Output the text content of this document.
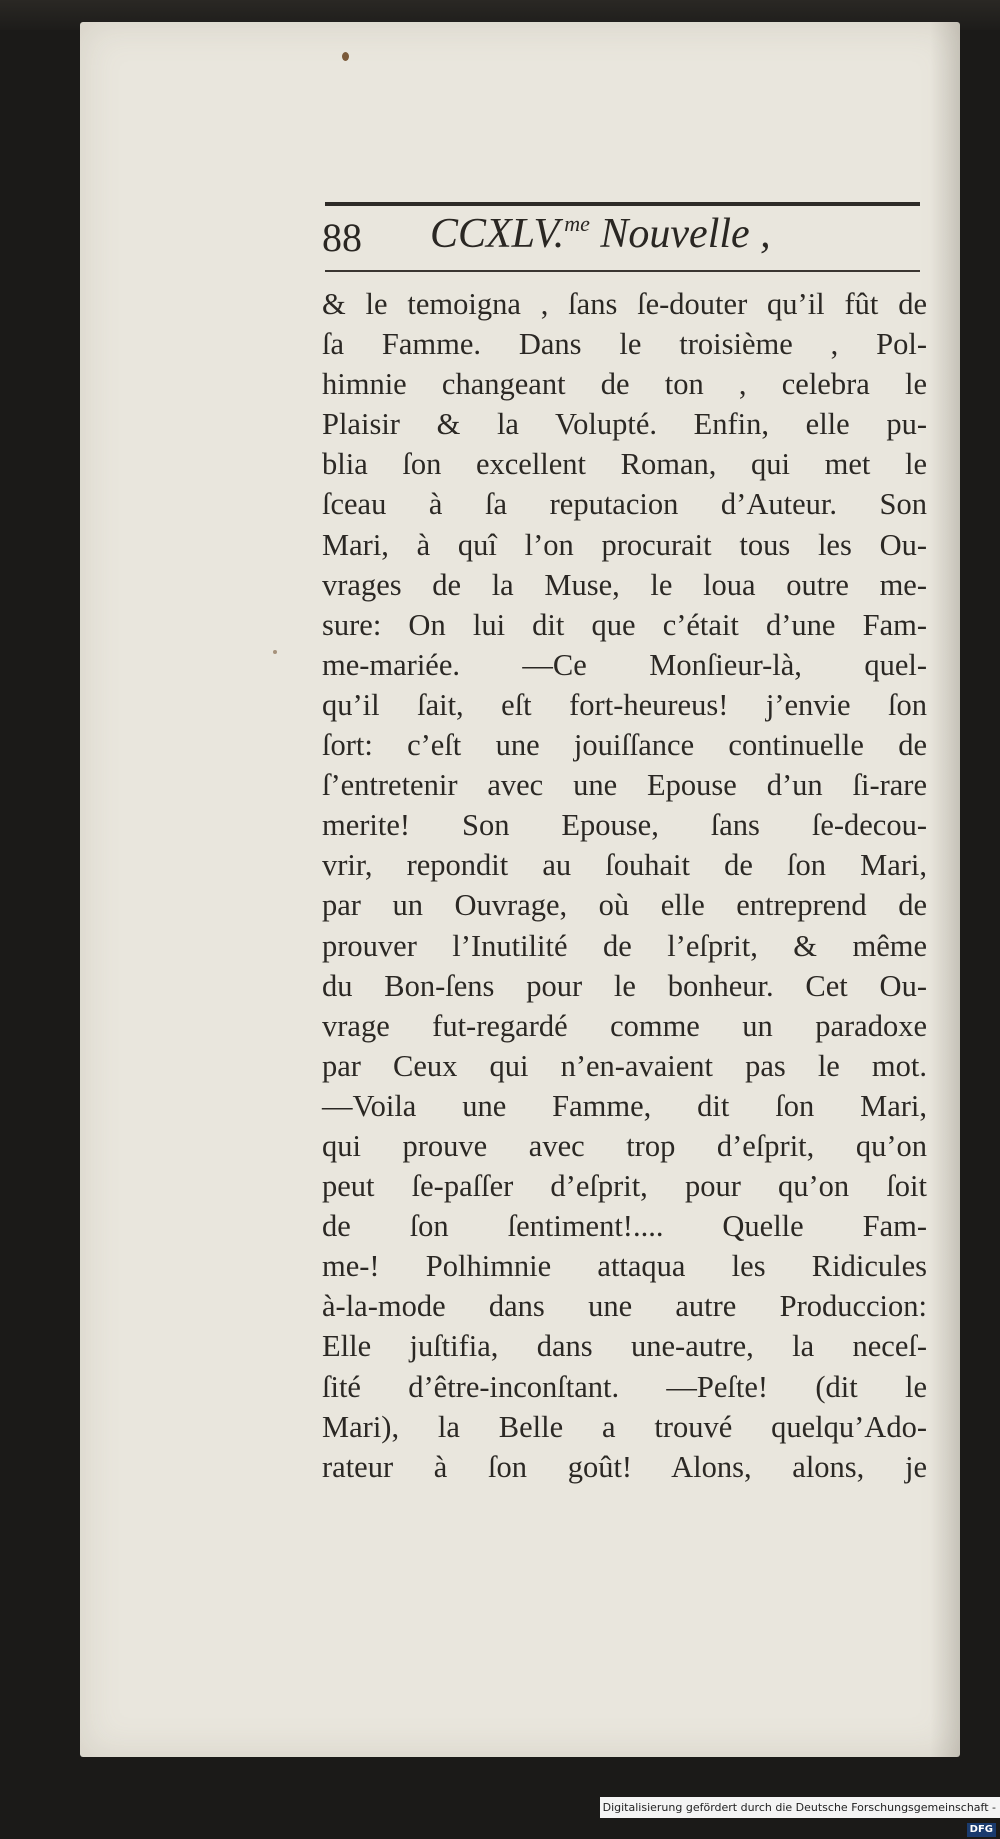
88 CCXLV.$^{me}$ Nouvelle ,
& le temoigna , ſans ſe-douter qu’il fût de
ſa Famme. Dans le troisième , Pol-
himnie changeant de ton , celebra le
Plaisir & la Volupté. Enfin, elle pu-
blia ſon excellent Roman, qui met le
ſceau à ſa reputacion d’Auteur. Son
Mari, à quî l’on procurait tous les Ou-
vrages de la Muse, le loua outre me-
sure: On lui dit que c’était d’une Fam-
me-mariée. —Ce Monſieur-là, quel-
qu’il ſait, eſt fort-heureus! j’envie ſon
ſort: c’eſt une jouiſſance continuelle de
ſ’entretenir avec une Epouse d’un ſi-rare
merite! Son Epouse, ſans ſe-decou-
vrir, repondit au ſouhait de ſon Mari,
par un Ouvrage, où elle entreprend de
prouver l’Inutilité de l’eſprit, & même
du Bon-ſens pour le bonheur. Cet Ou-
vrage fut-regardé comme un paradoxe
par Ceux qui n’en-avaient pas le mot.
—Voila une Famme, dit ſon Mari,
qui prouve avec trop d’eſprit, qu’on
peut ſe-paſſer d’eſprit, pour qu’on ſoit
de ſon ſentiment!.... Quelle Fam-
me-! Polhimnie attaqua les Ridicules
à-la-mode dans une autre Produccion:
Elle juſtifia, dans une-autre, la neceſ-
ſité d’être-inconſtant. —Peſte! (dit le
Mari), la Belle a trouvé quelqu’Ado-
rateur à ſon goût! Alons, alons, je
Digitalisierung gefördert durch die Deutsche Forschungsgemeinschaft -DFG
